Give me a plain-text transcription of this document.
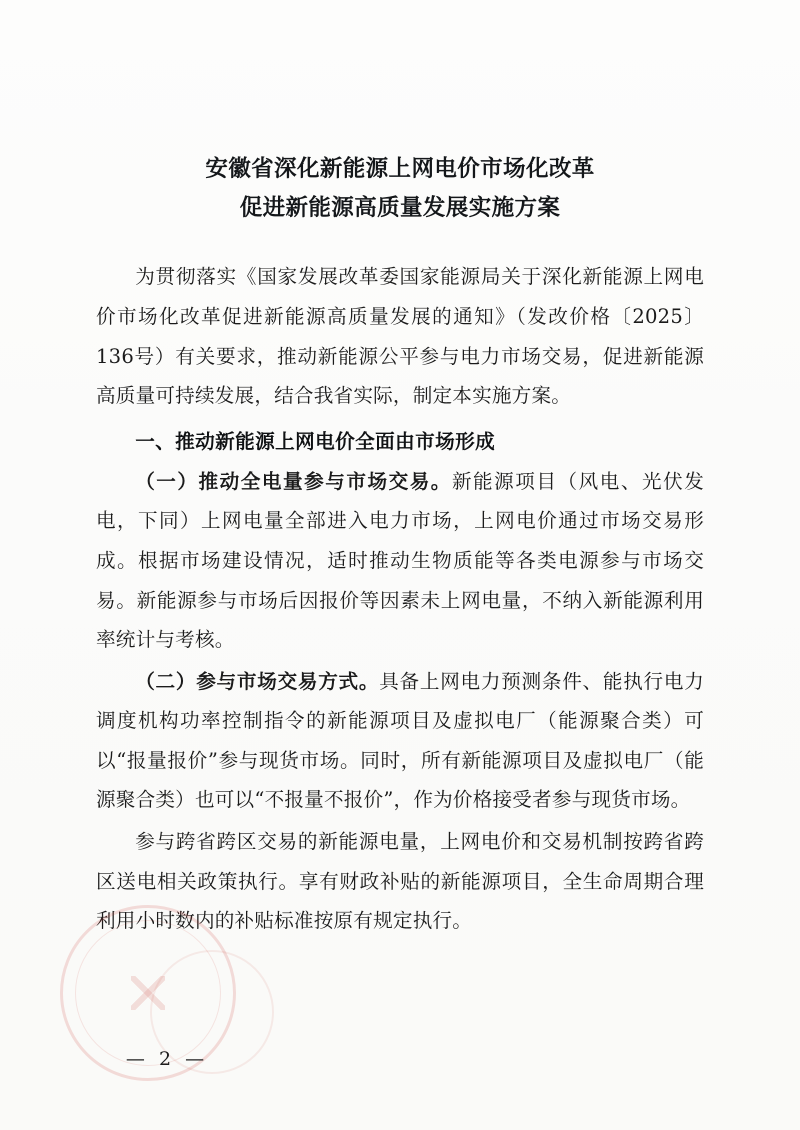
安徽省深化新能源上网电价市场化改革
促进新能源高质量发展实施方案

为贯彻落实《国家发展改革委国家能源局关于深化新能源上网电价市场化改革促进新能源高质量发展的通知》（发改价格〔2025〕136号）有关要求，推动新能源公平参与电力市场交易，促进新能源高质量可持续发展，结合我省实际，制定本实施方案。

一、推动新能源上网电价全面由市场形成

（一）推动全电量参与市场交易。新能源项目（风电、光伏发电，下同）上网电量全部进入电力市场，上网电价通过市场交易形成。根据市场建设情况，适时推动生物质能等各类电源参与市场交易。新能源参与市场后因报价等因素未上网电量，不纳入新能源利用率统计与考核。

（二）参与市场交易方式。具备上网电力预测条件、能执行电力调度机构功率控制指令的新能源项目及虚拟电厂（能源聚合类）可以“报量报价”参与现货市场。同时，所有新能源项目及虚拟电厂（能源聚合类）也可以“不报量不报价”，作为价格接受者参与现货市场。

参与跨省跨区交易的新能源电量，上网电价和交易机制按跨省跨区送电相关政策执行。享有财政补贴的新能源项目，全生命周期合理利用小时数内的补贴标准按原有规定执行。

— 2 —
